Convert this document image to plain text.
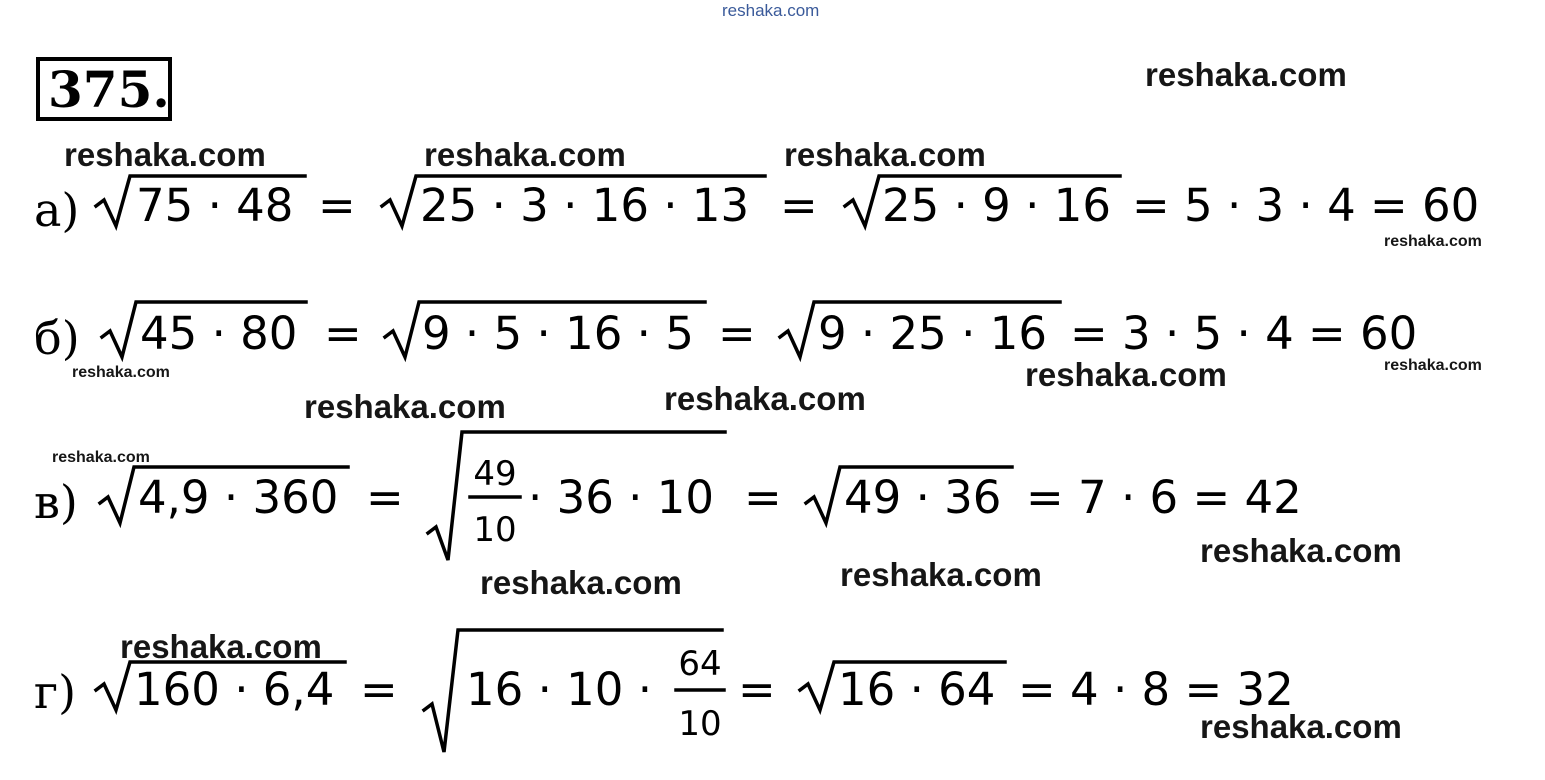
reshaka.com
375.
а) 75 · 48 = 25 · 3 · 16 · 13 = 25 · 9 · 16 = 5 · 3 · 4 = 60
б) 45 · 80 = 9 · 5 · 16 · 5 = 9 · 25 · 16 = 3 · 5 · 4 = 60
в) 4,9 · 360 = 49
10
· 36 · 10 = 49 · 36 = 7 · 6 = 42
г) 160 · 6,4 = 16 · 10 · 64
10
= 16 · 64 = 4 · 8 = 32
reshaka.com
reshaka.com	reshaka.com	reshaka.com
reshaka.com
reshaka.com	reshaka.com	reshaka.com
reshaka.com	reshaka.com
reshaka.com
reshaka.com
reshaka.com
reshaka.com
reshaka.com
reshaka.com
